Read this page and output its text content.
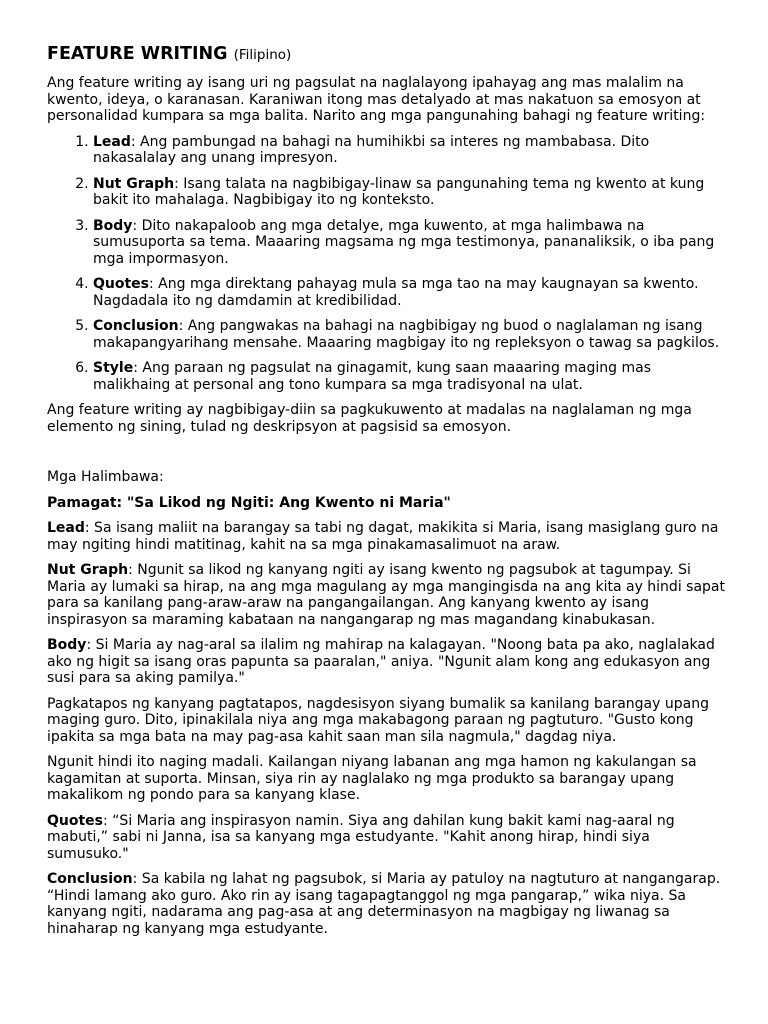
FEATURE WRITING (Filipino)

Ang feature writing ay isang uri ng pagsulat na naglalayong ipahayag ang mas malalim na kwento, ideya, o karanasan. Karaniwan itong mas detalyado at mas nakatuon sa emosyon at personalidad kumpara sa mga balita. Narito ang mga pangunahing bahagi ng feature writing:

1. Lead: Ang pambungad na bahagi na humihikbi sa interes ng mambabasa. Dito nakasalalay ang unang impresyon.
2. Nut Graph: Isang talata na nagbibigay-linaw sa pangunahing tema ng kwento at kung bakit ito mahalaga. Nagbibigay ito ng konteksto.
3. Body: Dito nakapaloob ang mga detalye, mga kuwento, at mga halimbawa na sumusuporta sa tema. Maaaring magsama ng mga testimonya, pananaliksik, o iba pang mga impormasyon.
4. Quotes: Ang mga direktang pahayag mula sa mga tao na may kaugnayan sa kwento. Nagdadala ito ng damdamin at kredibilidad.
5. Conclusion: Ang pangwakas na bahagi na nagbibigay ng buod o naglalaman ng isang makapangyarihang mensahe. Maaaring magbigay ito ng repleksyon o tawag sa pagkilos.
6. Style: Ang paraan ng pagsulat na ginagamit, kung saan maaaring maging mas malikhaing at personal ang tono kumpara sa mga tradisyonal na ulat.

Ang feature writing ay nagbibigay-diin sa pagkukuwento at madalas na naglalaman ng mga elemento ng sining, tulad ng deskripsyon at pagsisid sa emosyon.

Mga Halimbawa:

Pamagat: "Sa Likod ng Ngiti: Ang Kwento ni Maria"

Lead: Sa isang maliit na barangay sa tabi ng dagat, makikita si Maria, isang masiglang guro na may ngiting hindi matitinag, kahit na sa mga pinakamasalimuot na araw.

Nut Graph: Ngunit sa likod ng kanyang ngiti ay isang kwento ng pagsubok at tagumpay. Si Maria ay lumaki sa hirap, na ang mga magulang ay mga mangingisda na ang kita ay hindi sapat para sa kanilang pang-araw-araw na pangangailangan. Ang kanyang kwento ay isang inspirasyon sa maraming kabataan na nangangarap ng mas magandang kinabukasan.

Body: Si Maria ay nag-aral sa ilalim ng mahirap na kalagayan. "Noong bata pa ako, naglalakad ako ng higit sa isang oras papunta sa paaralan," aniya. "Ngunit alam kong ang edukasyon ang susi para sa aking pamilya."

Pagkatapos ng kanyang pagtatapos, nagdesisyon siyang bumalik sa kanilang barangay upang maging guro. Dito, ipinakilala niya ang mga makabagong paraan ng pagtuturo. "Gusto kong ipakita sa mga bata na may pag-asa kahit saan man sila nagmula," dagdag niya.

Ngunit hindi ito naging madali. Kailangan niyang labanan ang mga hamon ng kakulangan sa kagamitan at suporta. Minsan, siya rin ay naglalako ng mga produkto sa barangay upang makalikom ng pondo para sa kanyang klase.

Quotes: “Si Maria ang inspirasyon namin. Siya ang dahilan kung bakit kami nag-aaral ng mabuti,” sabi ni Janna, isa sa kanyang mga estudyante. "Kahit anong hirap, hindi siya sumusuko."

Conclusion: Sa kabila ng lahat ng pagsubok, si Maria ay patuloy na nagtuturo at nangangarap. “Hindi lamang ako guro. Ako rin ay isang tagapagtanggol ng mga pangarap,” wika niya. Sa kanyang ngiti, nadarama ang pag-asa at ang determinasyon na magbigay ng liwanag sa hinaharap ng kanyang mga estudyante.
